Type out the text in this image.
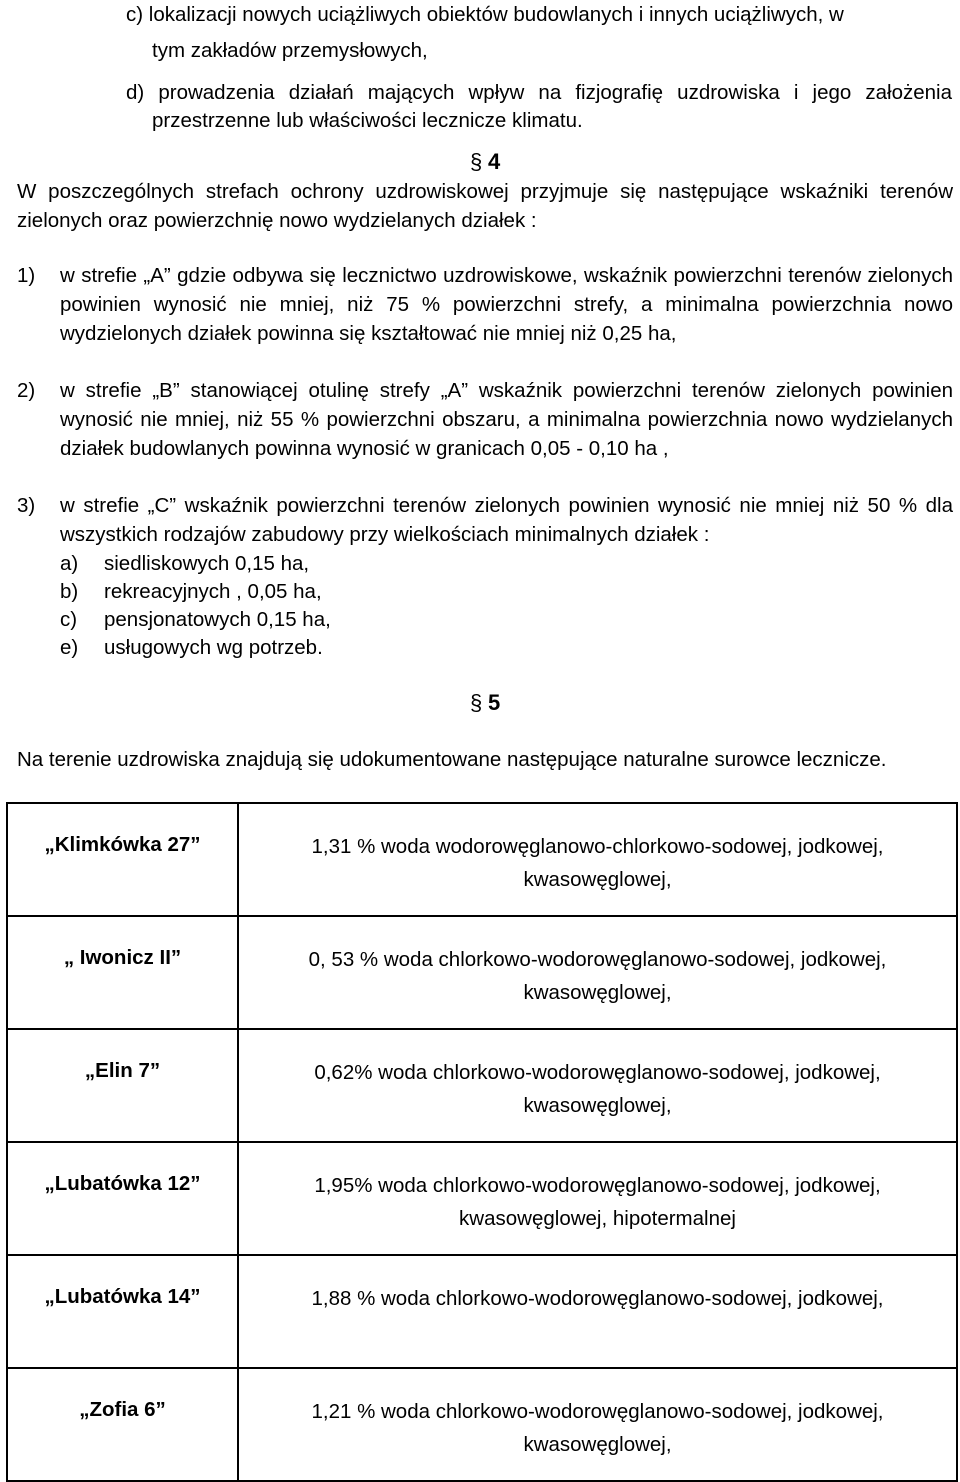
c) lokalizacji nowych uciążliwych obiektów budowlanych i innych uciążliwych, w
tym zakładów przemysłowych,
d) prowadzenia działań mających wpływ na fizjografię uzdrowiska i jego założenia
przestrzenne lub właściwości lecznicze klimatu.
§ 4
W poszczególnych strefach ochrony uzdrowiskowej przyjmuje się następujące wskaźniki terenów
zielonych oraz powierzchnię nowo wydzielanych działek :
1) w strefie „A” gdzie odbywa się lecznictwo uzdrowiskowe, wskaźnik powierzchni terenów zielonych
powinien wynosić nie mniej, niż 75 % powierzchni strefy, a minimalna powierzchnia nowo
wydzielonych działek powinna się kształtować nie mniej niż 0,25 ha,
2) w strefie „B” stanowiącej otulinę strefy „A” wskaźnik powierzchni terenów zielonych powinien
wynosić nie mniej, niż 55 % powierzchni obszaru, a minimalna powierzchnia nowo wydzielanych
działek budowlanych powinna wynosić w granicach 0,05 - 0,10 ha ,
3) w strefie „C” wskaźnik powierzchni terenów zielonych powinien wynosić nie mniej niż 50 % dla
wszystkich rodzajów zabudowy przy wielkościach minimalnych działek :
a) siedliskowych 0,15 ha,
b) rekreacyjnych , 0,05 ha,
c) pensjonatowych 0,15 ha,
e) usługowych wg potrzeb.
§ 5
Na terenie uzdrowiska znajdują się udokumentowane następujące naturalne surowce lecznicze.
„Klimkówka 27”	1,31 % woda wodorowęglanowo-chlorkowo-sodowej, jodkowej,
kwasowęglowej,

„ Iwonicz II”	0, 53 % woda chlorkowo-wodorowęglanowo-sodowej, jodkowej,
kwasowęglowej,

„Elin 7”	0,62% woda chlorkowo-wodorowęglanowo-sodowej, jodkowej,
kwasowęglowej,

„Lubatówka 12”	1,95% woda chlorkowo-wodorowęglanowo-sodowej, jodkowej,
kwasowęglowej, hipotermalnej

„Lubatówka 14”	1,88 % woda chlorkowo-wodorowęglanowo-sodowej, jodkowej,

„Zofia 6”	1,21 % woda chlorkowo-wodorowęglanowo-sodowej, jodkowej,
kwasowęglowej,
